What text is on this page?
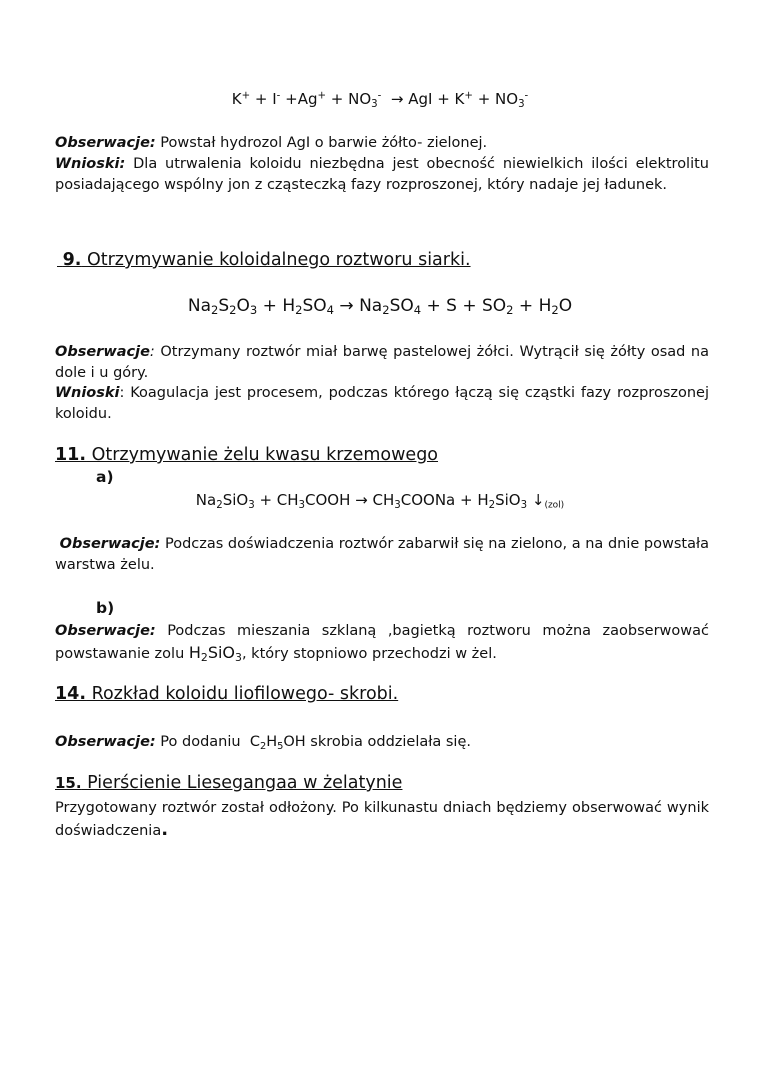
$K^+ + I^- +Ag^+ + NO_3^-$  → AgI + $K^+ + NO_3^-$
Obserwacje: Powstał hydrozol AgI o barwie żółto- zielonej.
Wnioski: Dla utrwalenia koloidu niezbędna jest obecność niewielkich ilości elektrolitu posiadającego wspólny jon z cząsteczką fazy rozproszonej, który nadaje jej ładunek.
9. Otrzymywanie koloidalnego roztworu siarki.
$Na_2S_2O_3 + H_2SO_4 \to Na_2SO_4 + S + SO_2 + H_2O$
Obserwacje: Otrzymany roztwór miał barwę pastelowej żółci. Wytrącił się żółty osad na dole i u góry.
Wnioski: Koagulacja jest procesem, podczas którego łączą się cząstki fazy rozproszonej koloidu.
11. Otrzymywanie żelu kwasu krzemowego
a)
$Na_2SiO_3$ + $CH_3COOH$ → $CH_3COONa + H_2SiO_3$ $↓_{(zol)}$
Obserwacje: Podczas doświadczenia roztwór zabarwił się na zielono, a na dnie powstała warstwa żelu.
b)
Obserwacje: Podczas mieszania szklaną ,bagietką roztworu można zaobserwować powstawanie zolu $H_2SiO_3$, który stopniowo przechodzi w żel.
14. Rozkład koloidu liofilowego- skrobi.
Obserwacje: Po dodaniu  $C_2H_5OH$ skrobia oddzielała się.
15. Pierścienie Liesegangaa w żelatynie
Przygotowany roztwór został odłożony. Po kilkunastu dniach będziemy obserwować wynik doświadczenia.
